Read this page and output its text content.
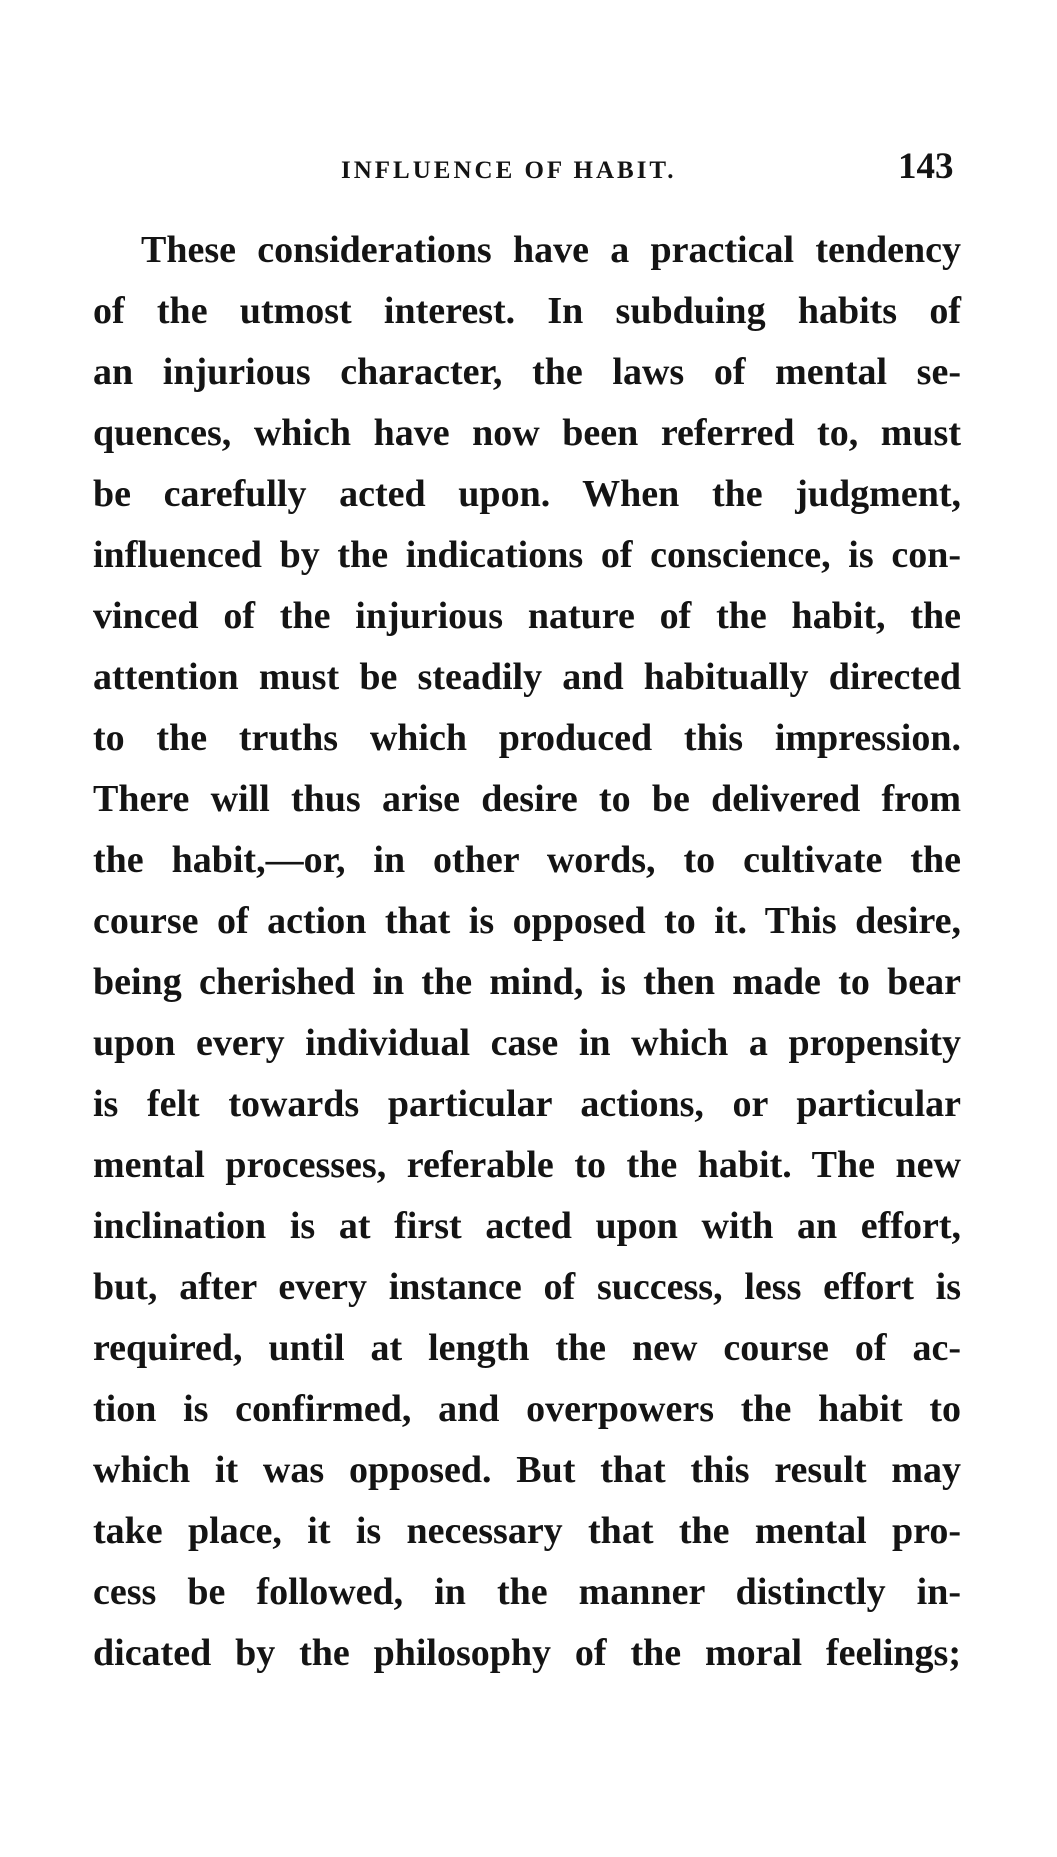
INFLUENCE OF HABIT.	143
These considerations have a practical tendency
of the utmost interest. In subduing habits of
an injurious character, the laws of mental se-
quences, which have now been referred to, must
be carefully acted upon. When the judgment,
influenced by the indications of conscience, is con-
vinced of the injurious nature of the habit, the
attention must be steadily and habitually directed
to the truths which produced this impression.
There will thus arise desire to be delivered from
the habit,—or, in other words, to cultivate the
course of action that is opposed to it. This desire,
being cherished in the mind, is then made to bear
upon every individual case in which a propensity
is felt towards particular actions, or particular
mental processes, referable to the habit. The new
inclination is at first acted upon with an effort,
but, after every instance of success, less effort is
required, until at length the new course of ac-
tion is confirmed, and overpowers the habit to
which it was opposed. But that this result may
take place, it is necessary that the mental pro-
cess be followed, in the manner distinctly in-
dicated by the philosophy of the moral feelings;
